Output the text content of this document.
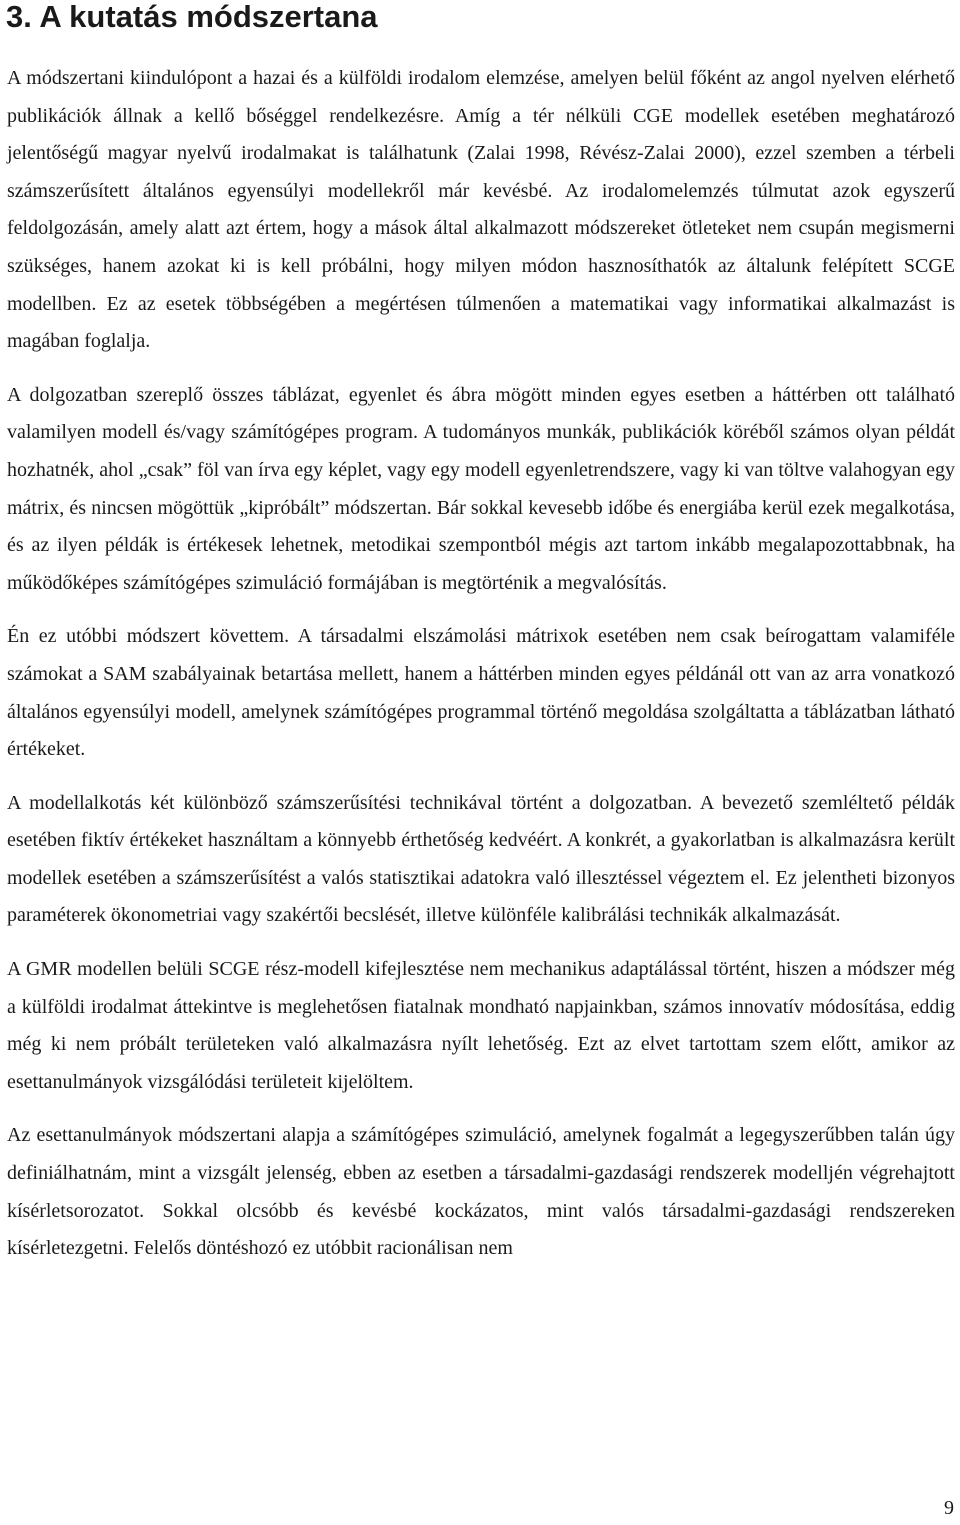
3. A kutatás módszertana

A módszertani kiindulópont a hazai és a külföldi irodalom elemzése, amelyen belül főként az angol nyelven elérhető publikációk állnak a kellő bőséggel rendelkezésre. Amíg a tér nélküli CGE modellek esetében meghatározó jelentőségű magyar nyelvű irodalmakat is találhatunk (Zalai 1998, Révész-Zalai 2000), ezzel szemben a térbeli számszerűsített általános egyensúlyi modellekről már kevésbé. Az irodalomelemzés túlmutat azok egyszerű feldolgozásán, amely alatt azt értem, hogy a mások által alkalmazott módszereket ötleteket nem csupán megismerni szükséges, hanem azokat ki is kell próbálni, hogy milyen módon hasznosíthatók az általunk felépített SCGE modellben. Ez az esetek többségében a megértésen túlmenően a matematikai vagy informatikai alkalmazást is magában foglalja.

A dolgozatban szereplő összes táblázat, egyenlet és ábra mögött minden egyes esetben a háttérben ott található valamilyen modell és/vagy számítógépes program. A tudományos munkák, publikációk köréből számos olyan példát hozhatnék, ahol „csak” föl van írva egy képlet, vagy egy modell egyenletrendszere, vagy ki van töltve valahogyan egy mátrix, és nincsen mögöttük „kipróbált” módszertan. Bár sokkal kevesebb időbe és energiába kerül ezek megalkotása, és az ilyen példák is értékesek lehetnek, metodikai szempontból mégis azt tartom inkább megalapozottabbnak, ha működőképes számítógépes szimuláció formájában is megtörténik a megvalósítás.

Én ez utóbbi módszert követtem. A társadalmi elszámolási mátrixok esetében nem csak beírogattam valamiféle számokat a SAM szabályainak betartása mellett, hanem a háttérben minden egyes példánál ott van az arra vonatkozó általános egyensúlyi modell, amelynek számítógépes programmal történő megoldása szolgáltatta a táblázatban látható értékeket.

A modellalkotás két különböző számszerűsítési technikával történt a dolgozatban. A bevezető szemléltető példák esetében fiktív értékeket használtam a könnyebb érthetőség kedvéért. A konkrét, a gyakorlatban is alkalmazásra került modellek esetében a számszerűsítést a valós statisztikai adatokra való illesztéssel végeztem el. Ez jelentheti bizonyos paraméterek ökonometriai vagy szakértői becslését, illetve különféle kalibrálási technikák alkalmazását.

A GMR modellen belüli SCGE rész-modell kifejlesztése nem mechanikus adaptálással történt, hiszen a módszer még a külföldi irodalmat áttekintve is meglehetősen fiatalnak mondható napjainkban, számos innovatív módosítása, eddig még ki nem próbált területeken való alkalmazásra nyílt lehetőség. Ezt az elvet tartottam szem előtt, amikor az esettanulmányok vizsgálódási területeit kijelöltem.

Az esettanulmányok módszertani alapja a számítógépes szimuláció, amelynek fogalmát a legegyszerűbben talán úgy definiálhatnám, mint a vizsgált jelenség, ebben az esetben a társadalmi-gazdasági rendszerek modelljén végrehajtott kísérletsorozatot. Sokkal olcsóbb és kevésbé kockázatos, mint valós társadalmi-gazdasági rendszereken kísérletezgetni. Felelős döntéshozó ez utóbbit racionálisan nem

9
